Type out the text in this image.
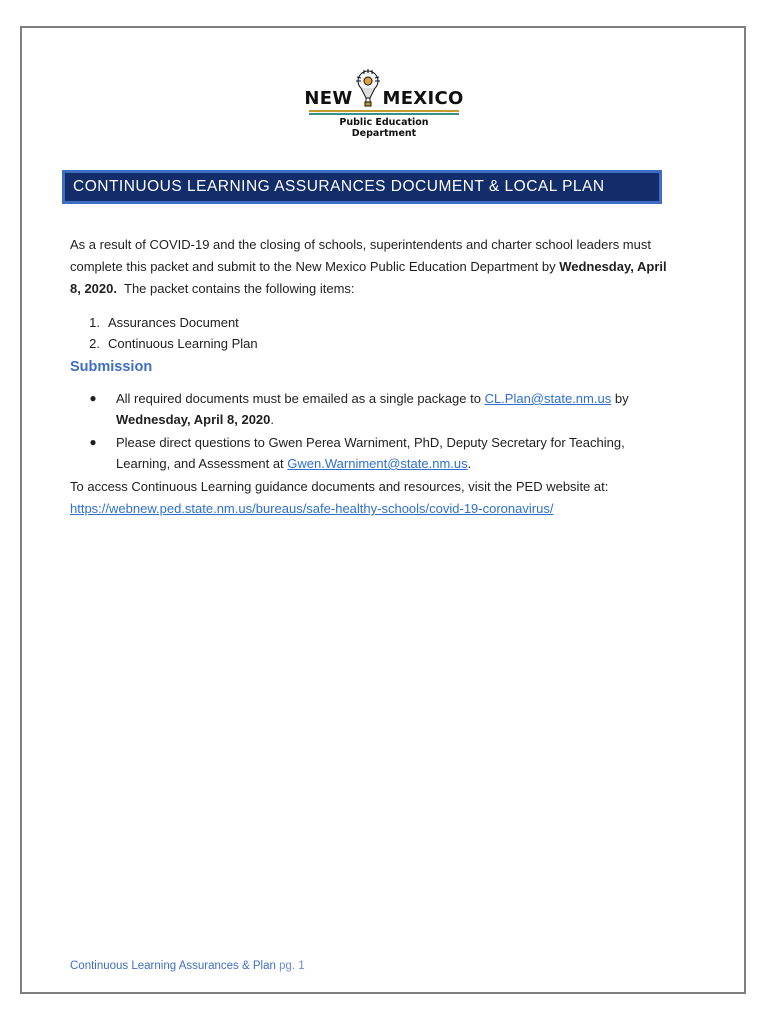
NEW MEXICO
Public Education Department
CONTINUOUS LEARNING ASSURANCES DOCUMENT & LOCAL PLAN

As a result of COVID-19 and the closing of schools, superintendents and charter school leaders must complete this packet and submit to the New Mexico Public Education Department by Wednesday, April 8, 2020. The packet contains the following items:

1. Assurances Document
2. Continuous Learning Plan
Submission
●	All required documents must be emailed as a single package to CL.Plan@state.nm.us by Wednesday, April 8, 2020.
●	Please direct questions to Gwen Perea Warniment, PhD, Deputy Secretary for Teaching, Learning, and Assessment at Gwen.Warniment@state.nm.us.

To access Continuous Learning guidance documents and resources, visit the PED website at:

https://webnew.ped.state.nm.us/bureaus/safe-healthy-schools/covid-19-coronavirus/

Continuous Learning Assurances & Plan pg. 1
